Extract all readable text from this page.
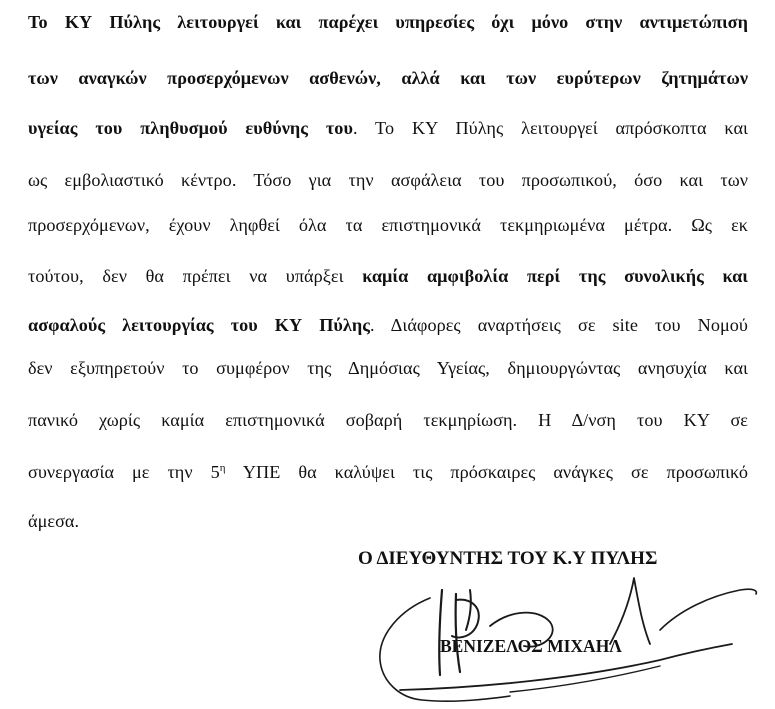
Το ΚΥ Πύλης λειτουργεί και παρέχει υπηρεσίες όχι μόνο στην αντιμετώπιση
των αναγκών προσερχόμενων ασθενών, αλλά και των ευρύτερων ζητημάτων
υγείας του πληθυσμού ευθύνης του. Το ΚΥ Πύλης λειτουργεί απρόσκοπτα και
ως εμβολιαστικό κέντρο. Τόσο για την ασφάλεια του προσωπικού, όσο και των
προσερχόμενων, έχουν ληφθεί όλα τα επιστημονικά τεκμηριωμένα μέτρα. Ως εκ
τούτου, δεν θα πρέπει να υπάρξει καμία αμφιβολία περί της συνολικής και
ασφαλούς λειτουργίας του ΚΥ Πύλης. Διάφορες αναρτήσεις σε site του Νομού
δεν εξυπηρετούν το συμφέρον της Δημόσιας Υγείας, δημιουργώντας ανησυχία και
πανικό χωρίς καμία επιστημονικά σοβαρή τεκμηρίωση. Η Δ/νση του ΚΥ σε
συνεργασία με την $5^\eta$ ΥΠΕ θα καλύψει τις πρόσκαιρες ανάγκες σε προσωπικό
άμεσα.
Ο ΔΙΕΥΘΥΝΤΗΣ ΤΟΥ Κ.Υ ΠΥΛΗΣ
ΒΕΝΙΖΕΛΟΣ ΜΙΧΑΗΛ
